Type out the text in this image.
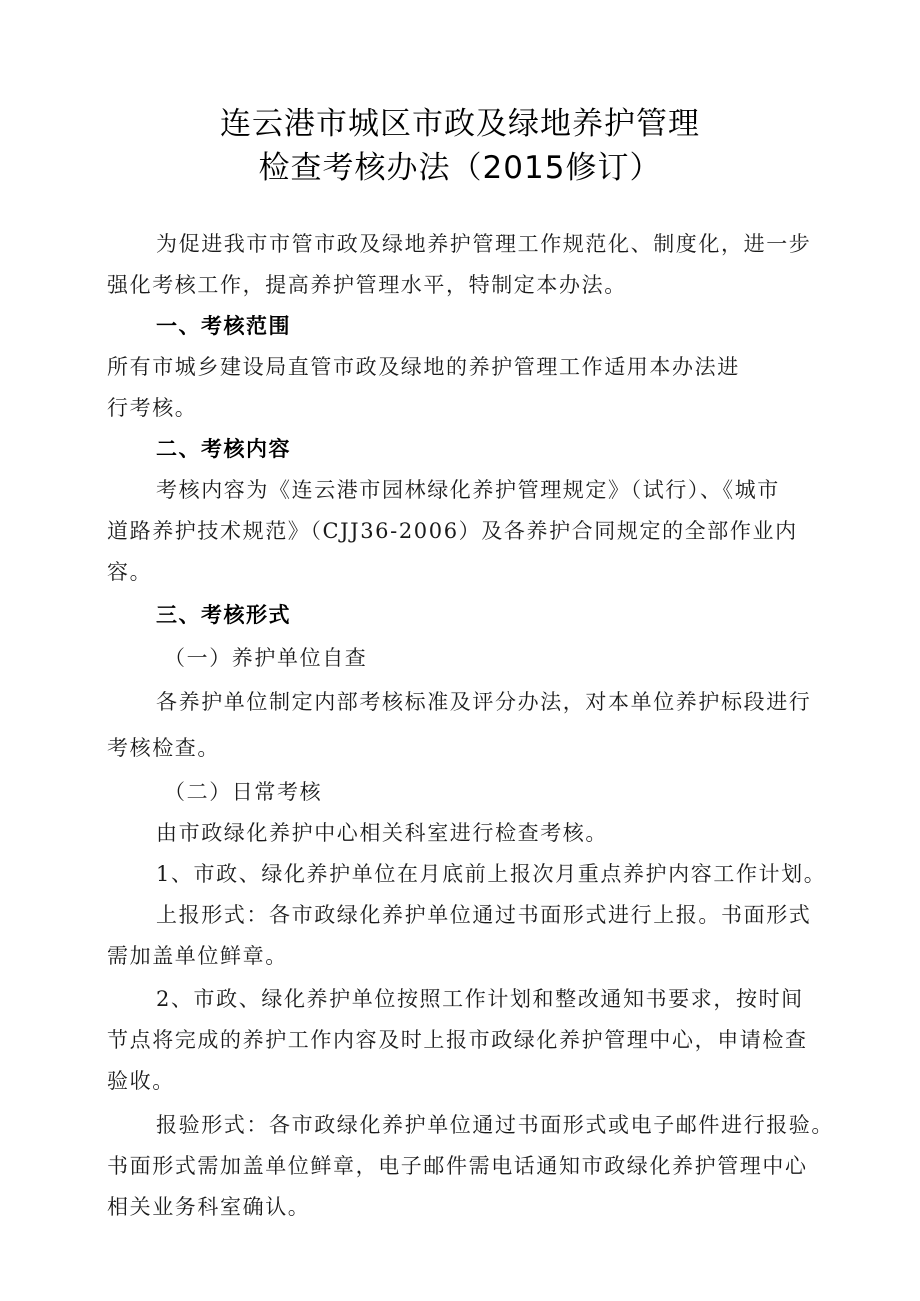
连云港市城区市政及绿地养护管理
检查考核办法（2015修订）
为促进我市市管市政及绿地养护管理工作规范化、制度化，进一步
强化考核工作，提高养护管理水平，特制定本办法。
一、考核范围
所有市城乡建设局直管市政及绿地的养护管理工作适用本办法进
行考核。
二、考核内容
考核内容为《连云港市园林绿化养护管理规定》（试行）、《城市
道路养护技术规范》（CJJ36-2006）及各养护合同规定的全部作业内
容。
三、考核形式
（一）养护单位自查
各养护单位制定内部考核标准及评分办法，对本单位养护标段进行
考核检查。
（二）日常考核
由市政绿化养护中心相关科室进行检查考核。
1、市政、绿化养护单位在月底前上报次月重点养护内容工作计划。
上报形式：各市政绿化养护单位通过书面形式进行上报。书面形式
需加盖单位鲜章。
2、市政、绿化养护单位按照工作计划和整改通知书要求，按时间
节点将完成的养护工作内容及时上报市政绿化养护管理中心，申请检查
验收。
报验形式：各市政绿化养护单位通过书面形式或电子邮件进行报验。
书面形式需加盖单位鲜章，电子邮件需电话通知市政绿化养护管理中心
相关业务科室确认。
